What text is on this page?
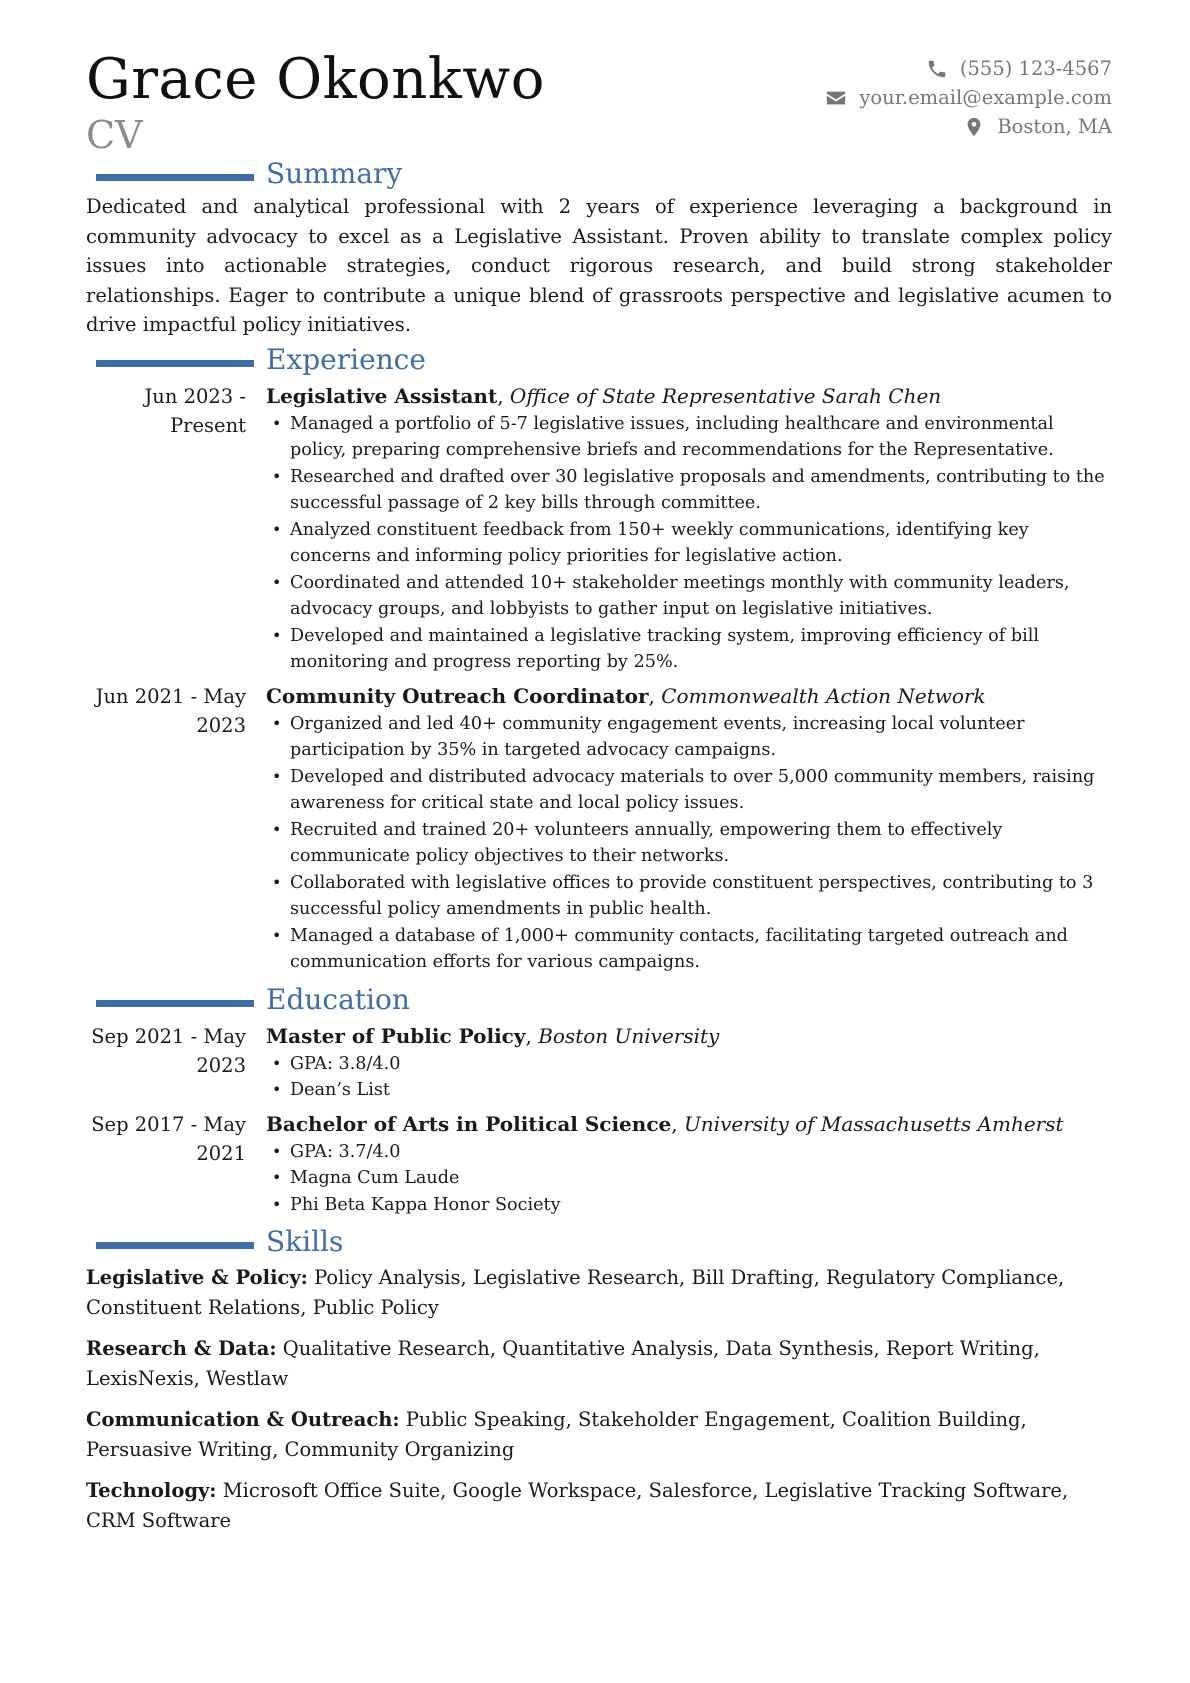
Grace Okonkwo
CV
(555) 123-4567
your.email@example.com
Boston, MA
Summary

Dedicated and analytical professional with 2 years of experience leveraging a background in community advocacy to excel as a Legislative Assistant. Proven ability to translate complex policy issues into actionable strategies, conduct rigorous research, and build strong stakeholder relationships. Eager to contribute a unique blend of grassroots perspective and legislative acumen to drive impactful policy initiatives.

Experience
Jun 2023 - Present
Legislative Assistant, Office of State Representative Sarah Chen
• Managed a portfolio of 5-7 legislative issues, including healthcare and environmental policy, preparing comprehensive briefs and recommendations for the Representative.
• Researched and drafted over 30 legislative proposals and amendments, contributing to the successful passage of 2 key bills through committee.
• Analyzed constituent feedback from 150+ weekly communications, identifying key concerns and informing policy priorities for legislative action.
• Coordinated and attended 10+ stakeholder meetings monthly with community leaders, advocacy groups, and lobbyists to gather input on legislative initiatives.
• Developed and maintained a legislative tracking system, improving efficiency of bill monitoring and progress reporting by 25%.
Jun 2021 - May 2023
Community Outreach Coordinator, Commonwealth Action Network
• Organized and led 40+ community engagement events, increasing local volunteer participation by 35% in targeted advocacy campaigns.
• Developed and distributed advocacy materials to over 5,000 community members, raising awareness for critical state and local policy issues.
• Recruited and trained 20+ volunteers annually, empowering them to effectively communicate policy objectives to their networks.
• Collaborated with legislative offices to provide constituent perspectives, contributing to 3 successful policy amendments in public health.
• Managed a database of 1,000+ community contacts, facilitating targeted outreach and communication efforts for various campaigns.
Education
Sep 2021 - May 2023
Master of Public Policy, Boston University
• GPA: 3.8/4.0
• Dean’s List
Sep 2017 - May 2021
Bachelor of Arts in Political Science, University of Massachusetts Amherst
• GPA: 3.7/4.0
• Magna Cum Laude
• Phi Beta Kappa Honor Society
Skills

Legislative & Policy: Policy Analysis, Legislative Research, Bill Drafting, Regulatory Compliance, Constituent Relations, Public Policy

Research & Data: Qualitative Research, Quantitative Analysis, Data Synthesis, Report Writing, LexisNexis, Westlaw

Communication & Outreach: Public Speaking, Stakeholder Engagement, Coalition Building, Persuasive Writing, Community Organizing

Technology: Microsoft Office Suite, Google Workspace, Salesforce, Legislative Tracking Software, CRM Software
